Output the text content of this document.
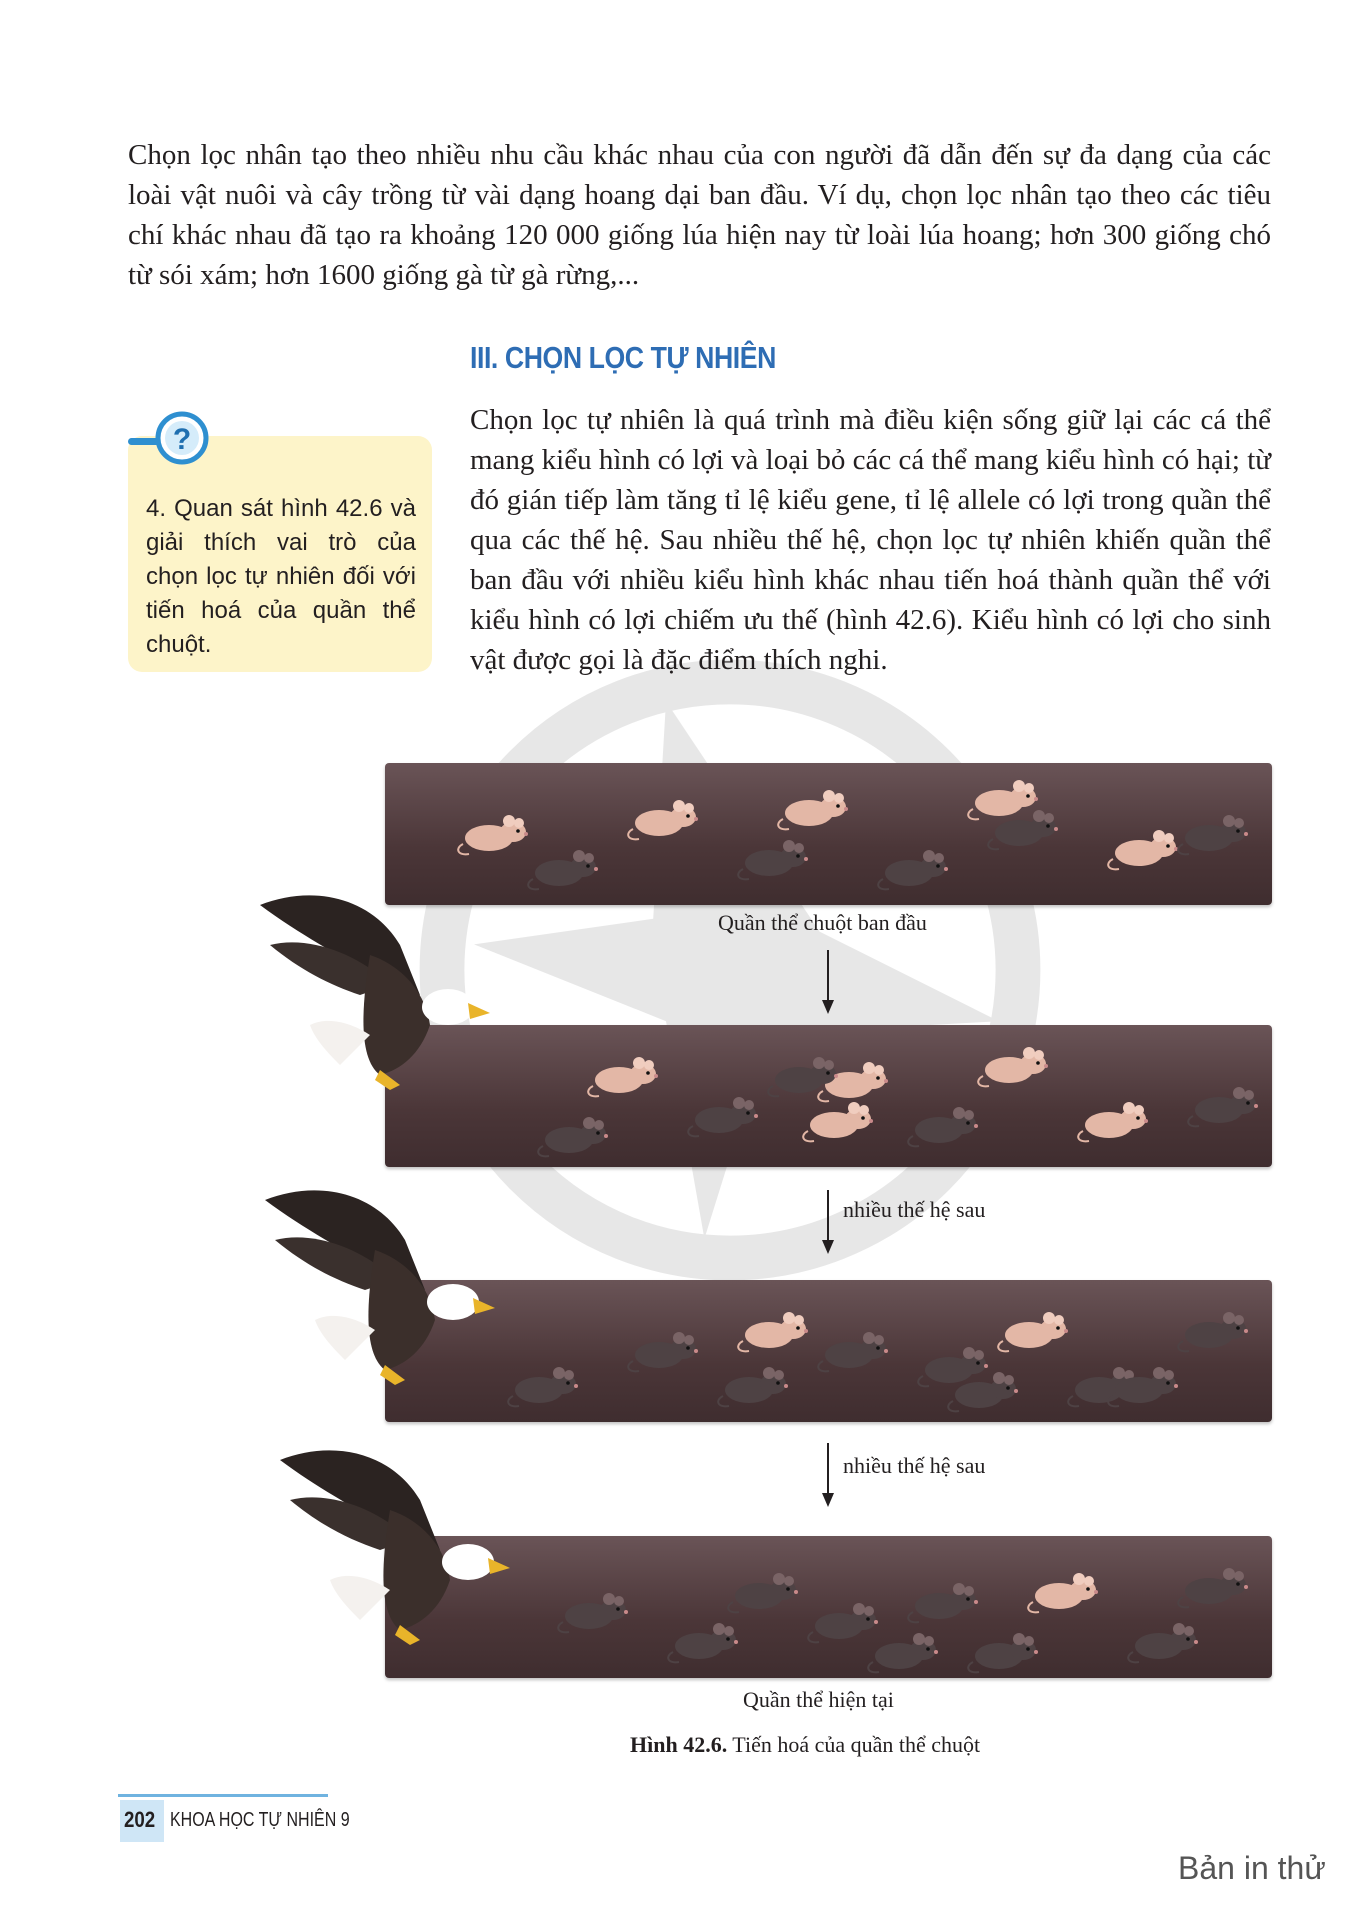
Chọn lọc nhân tạo theo nhiều nhu cầu khác nhau của con người đã dẫn đến sự đa dạng của các loài vật nuôi và cây trồng từ vài dạng hoang dại ban đầu. Ví dụ, chọn lọc nhân tạo theo các tiêu chí khác nhau đã tạo ra khoảng 120 000 giống lúa hiện nay từ loài lúa hoang; hơn 300 giống chó từ sói xám; hơn 1600 giống gà từ gà rừng,...

III. CHỌN LỌC TỰ NHIÊN

4. Quan sát hình 42.6 và giải thích vai trò của chọn lọc tự nhiên đối với tiến hoá của quần thể chuột.

?

Chọn lọc tự nhiên là quá trình mà điều kiện sống giữ lại các cá thể mang kiểu hình có lợi và loại bỏ các cá thể mang kiểu hình có hại; từ đó gián tiếp làm tăng tỉ lệ kiểu gene, tỉ lệ allele có lợi trong quần thể qua các thế hệ. Sau nhiều thế hệ, chọn lọc tự nhiên khiến quần thể ban đầu với nhiều kiểu hình khác nhau tiến hoá thành quần thể với kiểu hình có lợi chiếm ưu thế (hình 42.6). Kiểu hình có lợi cho sinh vật được gọi là đặc điểm thích nghi.

Quần thể chuột ban đầu
nhiều thế hệ sau
nhiều thế hệ sau
Quần thể hiện tại
Hình 42.6. Tiến hoá của quần thể chuột
202 KHOA HỌC TỰ NHIÊN 9
Bản in thử
